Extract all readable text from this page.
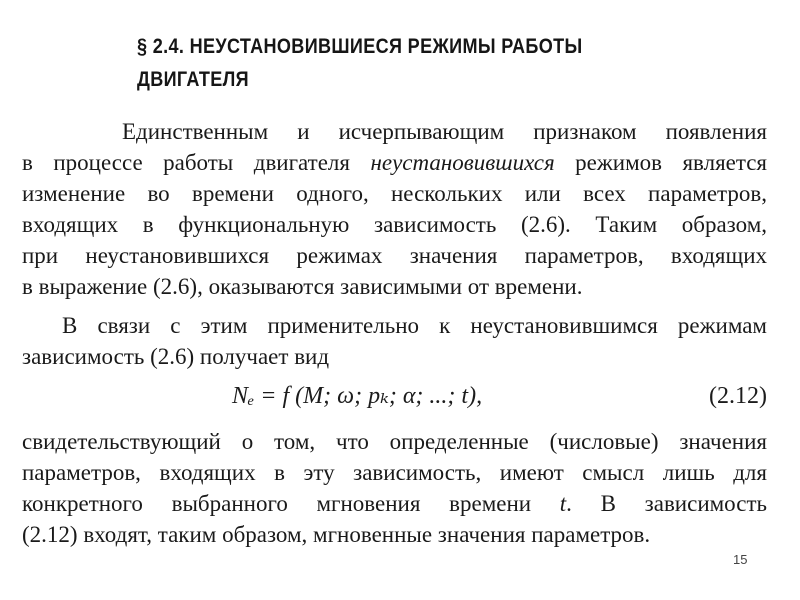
§ 2.4. НЕУСТАНОВИВШИЕСЯ РЕЖИМЫ РАБОТЫ
ДВИГАТЕЛЯ
Единственным и исчерпывающим признаком появления
в процессе работы двигателя неустановившихся режимов является
изменение во времени одного, нескольких или всех параметров,
входящих в функциональную зависимость (2.6). Таким образом,
при неустановившихся режимах значения параметров, входящих
в выражение (2.6), оказываются зависимыми от времени.
В связи с этим применительно к неустановившимся режимам
зависимость (2.6) получает вид
Nₑ = f (M; ω; pₖ; α; ...; t),	(2.12)
свидетельствующий о том, что определенные (числовые) значения
параметров, входящих в эту зависимость, имеют смысл лишь для
конкретного выбранного мгновения времени t. В зависимость
(2.12) входят, таким образом, мгновенные значения параметров.
15
